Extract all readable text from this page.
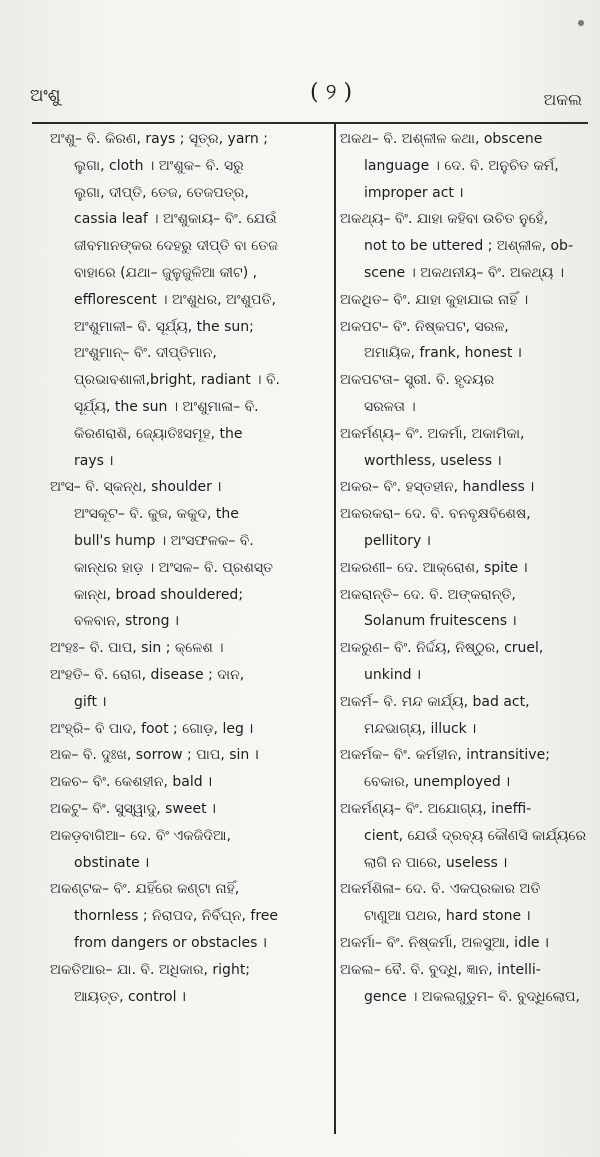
ଅଂଶୁ	( ୨ )	ଅକଲ
ଅଂଶୁ– ବି. କିରଣ, rays ; ସୂତ୍ର, yarn ;
ଲୁଗା, cloth । ଅଂଶୁକ– ବି. ସରୁ
ଲୁଗା, ଦୀପ୍ତି, ତେଜ, ତେଜପତ୍ର,
cassia leaf । ଅଂଶୁକାୟ– ବିଂ. ଯେଉଁ
ଜୀବମାନଙ୍କର ଦେହରୁ ଦୀପ୍ତି ବା ତେଜ
ବାହାରେ (ଯଥା– ଜୁଳୁଜୁଳିଆ କୀଟ) ,
efflorescent । ଅଂଶୁଧର, ଅଂଶୁପତି,
ଅଂଶୁମାଳୀ– ବି. ସୂର୍ଯ୍ୟ, the sun;
ଅଂଶୁମାନ୍– ବିଂ. ଦୀପ୍ତିମାନ,
ପ୍ରଭାବଶାଳୀ,bright, radiant । ବି.
ସୂର୍ଯ୍ୟ, the sun । ଅଂଶୁମାଳା– ବି.
କିରଣରାଶି, ଜ୍ୟୋତିଃସମୂହ, the
rays ।
ଅଂସ– ବି. ସ୍କନ୍ଧ, shoulder ।
ଅଂସକୂଟ– ବି. କୁଜ, କକୁଦ, the
bull's hump । ଅଂସଫଳକ– ବି.
କାନ୍ଧର ହାଡ଼ । ଅଂସଳ– ବି. ପ୍ରଶସ୍ତ
କାନ୍ଧ, broad shouldered;
ବଳବାନ, strong ।
ଅଂହଃ– ବି. ପାପ, sin ; କ୍ଳେଶ ।
ଅଂହତି– ବି. ରୋଗ, disease ; ଦାନ,
gift ।
ଅଂହ୍ରି– ବି ପାଦ, foot ; ଗୋଡ଼, leg ।
ଅକ– ବି. ଦୁଃଖ, sorrow ; ପାପ, sin ।
ଅକଚ– ବିଂ. କେଶହୀନ, bald ।
ଅକଟୁ– ବିଂ. ସୁସ୍ୱାଦୁ, sweet ।
ଅକଡ଼ବାଗିଆ– ଦେ. ବିଂ ଏକଜିଦିଆ,
obstinate ।
ଅକଣ୍ଟକ– ବିଂ. ଯହିଁରେ କଣ୍ଟା ନାହିଁ,
thornless ; ନିରାପଦ, ନିର୍ବିଘ୍ନ, free
from dangers or obstacles ।
ଅକତିଆର– ଯା. ବି. ଅଧିକାର, right;
ଆୟତ୍ତ, control ।
ଅକଥ– ବି. ଅଶ୍ଳୀଳ କଥା, obscene
language । ଦେ. ବି. ଅନୁଚିତ କର୍ମ,
improper act ।
ଅକଥ୍ୟ– ବିଂ. ଯାହା କହିବା ଉଚିତ ନୁହେଁ,
not to be uttered ; ଅଶ୍ଳୀଳ, ob-
scene । ଅକଥନୀୟ– ବିଂ. ଅକଥ୍ୟ ।
ଅକଥିତ– ବିଂ. ଯାହା କୁହାଯାଇ ନାହିଁ ।
ଅକପଟ– ବିଂ. ନିଷ୍କପଟ, ସରଳ,
ଅମାୟିକ, frank, honest ।
ଅକପଟତା– ସ୍ତ୍ରୀ. ବି. ହୃଦୟର
ସରଳତା ।
ଅକର୍ମଣ୍ୟ– ବିଂ. ଅକର୍ମା, ଅକାମିକା,
worthless, useless ।
ଅକର– ବିଂ. ହସ୍ତହୀନ, handless ।
ଅକରକରା– ଦେ. ବି. ବନବୃକ୍ଷବିଶେଷ,
pellitory ।
ଅକରଣୀ– ଦେ. ଆକ୍ରୋଶ, spite ।
ଅକରାନ୍ତି– ଦେ. ବି. ଅଙ୍କରାନ୍ତି,
Solanum fruitescens ।
ଅକରୁଣ– ବିଂ. ନିର୍ଦ୍ଦୟ, ନିଷ୍ଠୁର, cruel,
unkind ।
ଅକର୍ମ– ବି. ମନ୍ଦ କାର୍ଯ୍ୟ, bad act,
ମନ୍ଦଭାଗ୍ୟ, illuck ।
ଅକର୍ମକ– ବିଂ. କର୍ମହୀନ, intransitive;
ବେକାର, unemployed ।
ଅକର୍ମଣ୍ୟ– ବିଂ. ଅଯୋଗ୍ୟ, ineffi-
cient, ଯେଉଁ ଦ୍ରବ୍ୟ କୌଣସି କାର୍ଯ୍ୟରେ
ଲାଗି ନ ପାରେ, useless ।
ଅକର୍ମଶିଳା– ଦେ. ବି. ଏକପ୍ରକାର ଅତି
ଟାଣୁଆ ପଥର, hard stone ।
ଅକର୍ମା– ବିଂ. ନିଷ୍କର୍ମା, ଅଳସୁଆ, idle ।
ଅକଲ– ବୈ. ବି. ବୁଦ୍ଧି, ଜ୍ଞାନ, intelli-
gence । ଅକଲଗୁଡୁମ– ବି. ବୁଦ୍ଧିଲୋପ,
